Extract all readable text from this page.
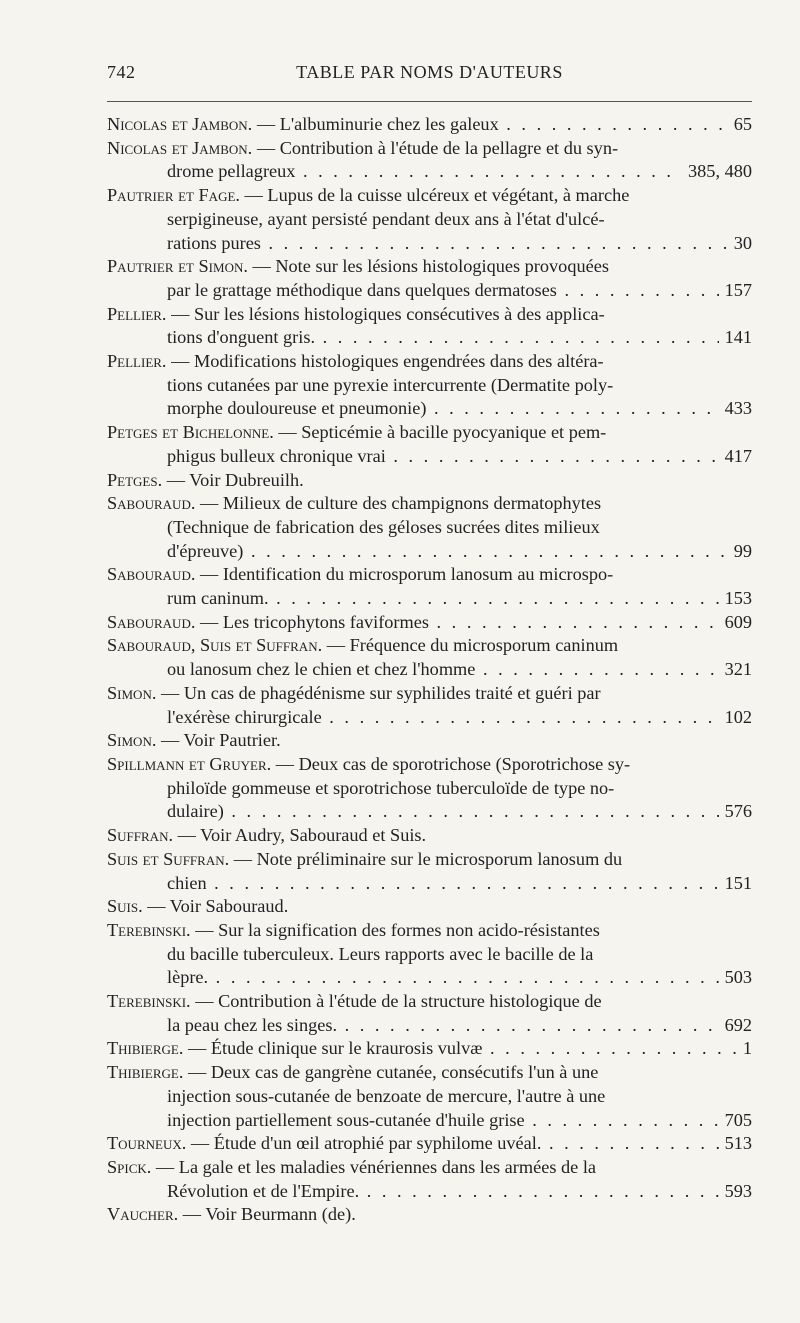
742	TABLE PAR NOMS D'AUTEURS
Nicolas et Jambon. — L'albuminurie chez les galeux	65
. . .
Nicolas et Jambon. — Contribution à l'étude de la pellagre et du syn-
drome pellagreux	385, 480
. . .
Pautrier et Fage. — Lupus de la cuisse ulcéreux et végétant, à marche
serpigineuse, ayant persisté pendant deux ans à l'état d'ulcé-
rations pures	30
. . .
Pautrier et Simon. — Note sur les lésions histologiques provoquées
par le grattage méthodique dans quelques dermatoses	157
. . .
Pellier. — Sur les lésions histologiques consécutives à des applica-
tions d'onguent gris.	141
. . .
Pellier. — Modifications histologiques engendrées dans des altéra-
tions cutanées par une pyrexie intercurrente (Dermatite poly-
morphe douloureuse et pneumonie)	433
. . .
Petges et Bichelonne. — Septicémie à bacille pyocyanique et pem-
phigus bulleux chronique vrai	417
. . .
Petges. — Voir Dubreuilh.
Sabouraud. — Milieux de culture des champignons dermatophytes
(Technique de fabrication des géloses sucrées dites milieux
d'épreuve)	99
. . .
Sabouraud. — Identification du microsporum lanosum au microspo-
rum caninum.	153
. . .
Sabouraud. — Les tricophytons faviformes	609
. . .
Sabouraud, Suis et Suffran. — Fréquence du microsporum caninum
ou lanosum chez le chien et chez l'homme	321
. . .
Simon. — Un cas de phagédénisme sur syphilides traité et guéri par
l'exérèse chirurgicale	102
. . .
Simon. — Voir Pautrier.
Spillmann et Gruyer. — Deux cas de sporotrichose (Sporotrichose sy-
philoïde gommeuse et sporotrichose tuberculoïde de type no-
dulaire)	576
. . .
Suffran. — Voir Audry, Sabouraud et Suis.
Suis et Suffran. — Note préliminaire sur le microsporum lanosum du
chien	151
. . .
Suis. — Voir Sabouraud.
Terebinski. — Sur la signification des formes non acido-résistantes
du bacille tuberculeux. Leurs rapports avec le bacille de la
lèpre.	503
. . .
Terebinski. — Contribution à l'étude de la structure histologique de
la peau chez les singes.	692
. . .
Thibierge. — Étude clinique sur le kraurosis vulvæ	1
. . .
Thibierge. — Deux cas de gangrène cutanée, consécutifs l'un à une
injection sous-cutanée de benzoate de mercure, l'autre à une
injection partiellement sous-cutanée d'huile grise	705
. . .
Tourneux. — Étude d'un œil atrophié par syphilome uvéal.	513
. . .
Spick. — La gale et les maladies vénériennes dans les armées de la
Révolution et de l'Empire.	593
. . .
Vaucher. — Voir Beurmann (de).
